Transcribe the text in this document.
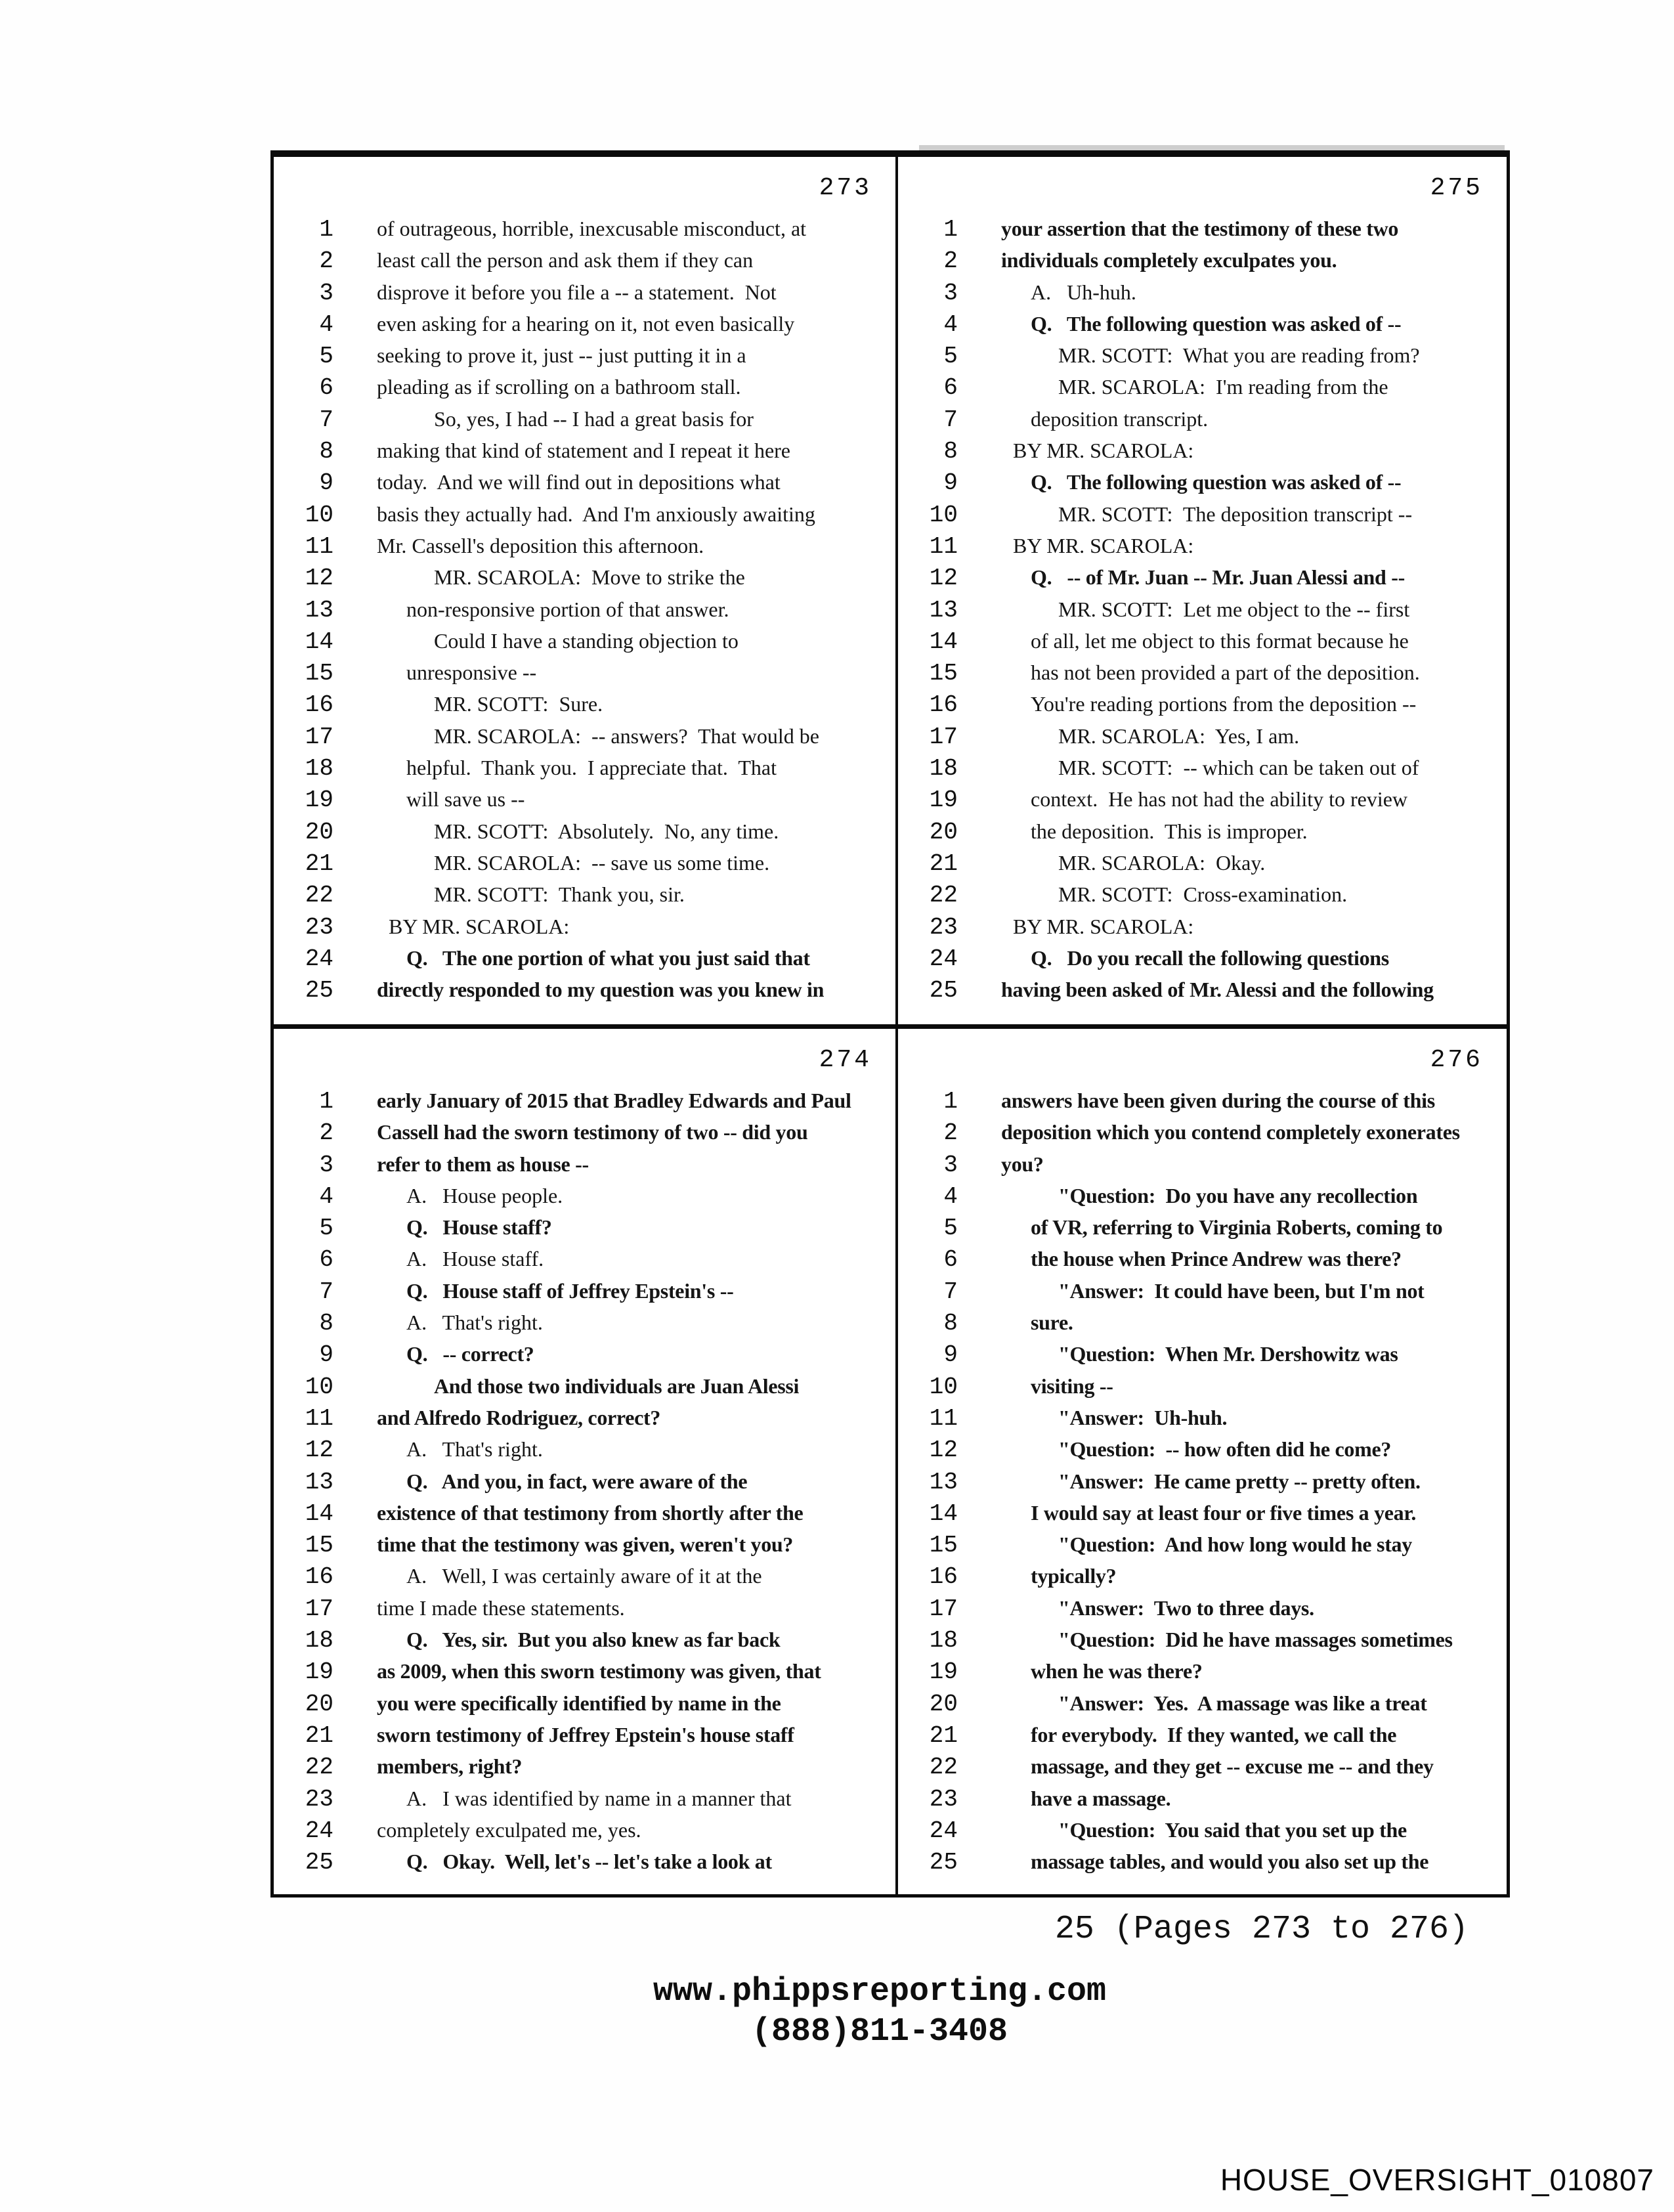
273
1 of outrageous, horrible, inexcusable misconduct, at
2 least call the person and ask them if they can
3 disprove it before you file a -- a statement.  Not
4 even asking for a hearing on it, not even basically
5 seeking to prove it, just -- just putting it in a
6 pleading as if scrolling on a bathroom stall.
7	So, yes, I had -- I had a great basis for
8 making that kind of statement and I repeat it here
9 today.  And we will find out in depositions what
10 basis they actually had.  And I'm anxiously awaiting
11 Mr. Cassell's deposition this afternoon.
12	MR. SCAROLA:  Move to strike the
13	non-responsive portion of that answer.
14	Could I have a standing objection to
15	unresponsive --
16	MR. SCOTT:  Sure.
17	MR. SCAROLA:  -- answers?  That would be
18	helpful.  Thank you.  I appreciate that.  That
19	will save us --
20	MR. SCOTT:  Absolutely.  No, any time.
21	MR. SCAROLA:  -- save us some time.
22	MR. SCOTT:  Thank you, sir.
23	BY MR. SCAROLA:
24	Q.   The one portion of what you just said that
25 directly responded to my question was you knew in
275
1 your assertion that the testimony of these two
2 individuals completely exculpates you.
3	A.   Uh-huh.
4	Q.   The following question was asked of --
5	MR. SCOTT:  What you are reading from?
6	MR. SCAROLA:  I'm reading from the
7	deposition transcript.
8	BY MR. SCAROLA:
9	Q.   The following question was asked of --
10	MR. SCOTT:  The deposition transcript --
11	BY MR. SCAROLA:
12	Q.   -- of Mr. Juan -- Mr. Juan Alessi and --
13	MR. SCOTT:  Let me object to the -- first
14	of all, let me object to this format because he
15	has not been provided a part of the deposition.
16	You're reading portions from the deposition --
17	MR. SCAROLA:  Yes, I am.
18	MR. SCOTT:  -- which can be taken out of
19	context.  He has not had the ability to review
20	the deposition.  This is improper.
21	MR. SCAROLA:  Okay.
22	MR. SCOTT:  Cross-examination.
23	BY MR. SCAROLA:
24	Q.   Do you recall the following questions
25 having been asked of Mr. Alessi and the following
274
1 early January of 2015 that Bradley Edwards and Paul
2 Cassell had the sworn testimony of two -- did you
3 refer to them as house --
4	A.   House people.
5	Q.   House staff?
6	A.   House staff.
7	Q.   House staff of Jeffrey Epstein's --
8	A.   That's right.
9	Q.   -- correct?
10	And those two individuals are Juan Alessi
11 and Alfredo Rodriguez, correct?
12	A.   That's right.
13	Q.   And you, in fact, were aware of the
14 existence of that testimony from shortly after the
15 time that the testimony was given, weren't you?
16	A.   Well, I was certainly aware of it at the
17 time I made these statements.
18	Q.   Yes, sir.  But you also knew as far back
19 as 2009, when this sworn testimony was given, that
20 you were specifically identified by name in the
21 sworn testimony of Jeffrey Epstein's house staff
22 members, right?
23	A.   I was identified by name in a manner that
24 completely exculpated me, yes.
25	Q.   Okay.  Well, let's -- let's take a look at
276
1 answers have been given during the course of this
2 deposition which you contend completely exonerates
3 you?
4	"Question:  Do you have any recollection
5	of VR, referring to Virginia Roberts, coming to
6	the house when Prince Andrew was there?
7	"Answer:  It could have been, but I'm not
8	sure.
9	"Question:  When Mr. Dershowitz was
10	visiting --
11	"Answer:  Uh-huh.
12	"Question:  -- how often did he come?
13	"Answer:  He came pretty -- pretty often.
14	I would say at least four or five times a year.
15	"Question:  And how long would he stay
16	typically?
17	"Answer:  Two to three days.
18	"Question:  Did he have massages sometimes
19	when he was there?
20	"Answer:  Yes.  A massage was like a treat
21	for everybody.  If they wanted, we call the
22	massage, and they get -- excuse me -- and they
23	have a massage.
24	"Question:  You said that you set up the
25	massage tables, and would you also set up the
25 (Pages 273 to 276)
www.phippsreporting.com
(888)811-3408
HOUSE_OVERSIGHT_010807
